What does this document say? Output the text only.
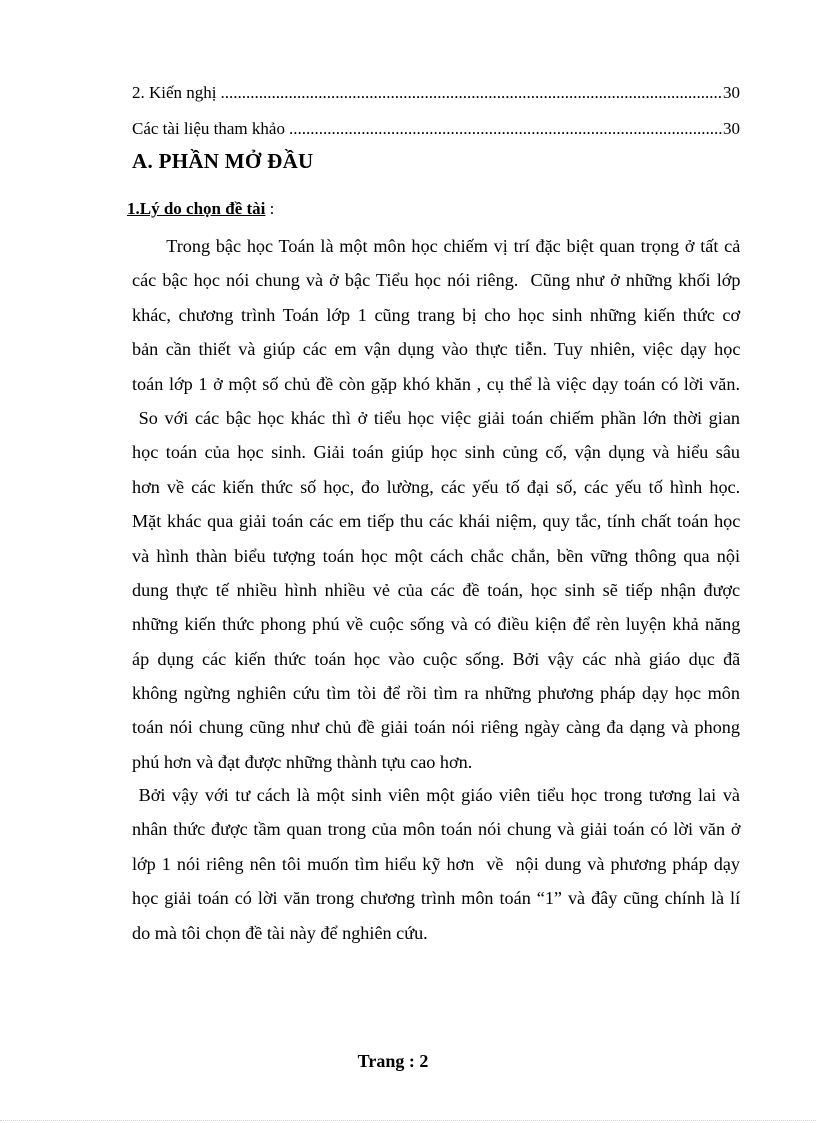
2. Kiến nghị .....	30
Các tài liệu tham khảo .....	30
A. PHẦN MỞ ĐẦU
1.Lý do chọn đề tài :
Trong bậc học Toán là một môn học chiếm vị trí đặc biệt quan trọng ở tất cả
các bậc học nói chung và ở bậc Tiểu học nói riêng.  Cũng như ở những khối lớp
khác,  chương  trình  Toán  lớp  1  cũng  trang  bị  cho  học  sinh  những  kiến  thức  cơ
bản cần thiết và giúp các em vận dụng vào thực tiễn. Tuy nhiên, việc dạy học
toán lớp 1 ở một số chủ đề còn gặp khó khăn , cụ thể là việc dạy toán có lời văn.
So với các bậc học khác thì ở tiểu học việc giải toán chiếm phần lớn thời gian
học toán của học sinh. Giải toán giúp học sinh củng cố, vận dụng và hiểu sâu
hơn về các kiến thức số học, đo lường, các yếu tố đại số, các yếu tố hình học.
Mặt khác qua giải toán các em tiếp thu các khái niệm, quy tắc, tính chất toán học
và hình thàn biểu tượng toán học một cách chắc chắn, bền vững thông qua nội
dung thực tế nhiều hình nhiều vẻ của các đề toán, học sinh sẽ tiếp nhận được
những kiến thức phong phú về cuộc sống và có điều kiện để rèn luyện khả năng
áp dụng các kiến thức toán học vào cuộc sống. Bởi vậy các nhà giáo dục đã
không ngừng nghiên cứu tìm tòi để rồi tìm ra những phương pháp dạy học môn
toán nói chung cũng như chủ đề giải toán nói riêng ngày càng đa dạng và phong
phú hơn và đạt được những thành tựu cao hơn.
Bởi vậy với tư cách là một sinh viên một giáo viên tiểu học trong tương lai và
nhân thức được tầm quan trong của môn toán nói chung và giải toán có lời văn ở
lớp 1 nói riêng nên tôi muốn tìm hiểu kỹ hơn  về  nội dung và phương pháp dạy
học giải toán có lời văn trong chương trình môn toán “1” và đây cũng chính là lí
do mà tôi chọn đề tài này để nghiên cứu.
Trang : 2
